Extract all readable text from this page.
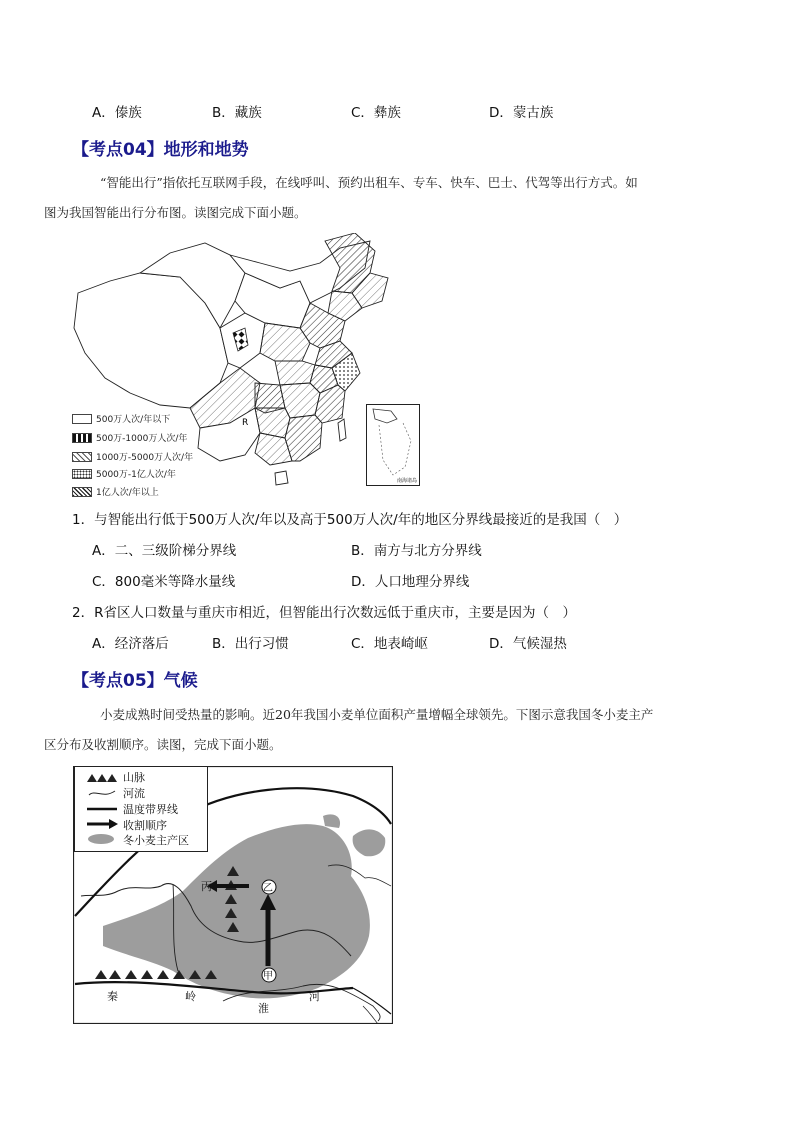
A．傣族	B．藏族	C．彝族	D．蒙古族
【考点04】地形和地势
“智能出行”指依托互联网手段，在线呼叫、预约出租车、专车、快车、巴士、代驾等出行方式。如
图为我国智能出行分布图。读图完成下面小题。
R
南海诸岛
500万人次/年以下
500万-1000万人次/年
1000万-5000万人次/年
5000万-1亿人次/年
1亿人次/年以上
1．与智能出行低于500万人次/年以及高于500万人次/年的地区分界线最接近的是我国（　）
A．二、三级阶梯分界线	B．南方与北方分界线
C．800毫米等降水量线	D．人口地理分界线
2．R省区人口数量与重庆市相近，但智能出行次数远低于重庆市，主要是因为（　）
A．经济落后	B．出行习惯	C．地表崎岖	D．气候湿热
【考点05】气候
小麦成熟时间受热量的影响。近20年我国小麦单位面积产量增幅全球领先。下图示意我国冬小麦主产
区分布及收割顺序。读图，完成下面小题。
丙	乙
甲
秦	岭
淮
河
山脉
河流
温度带界线
收割顺序
冬小麦主产区
